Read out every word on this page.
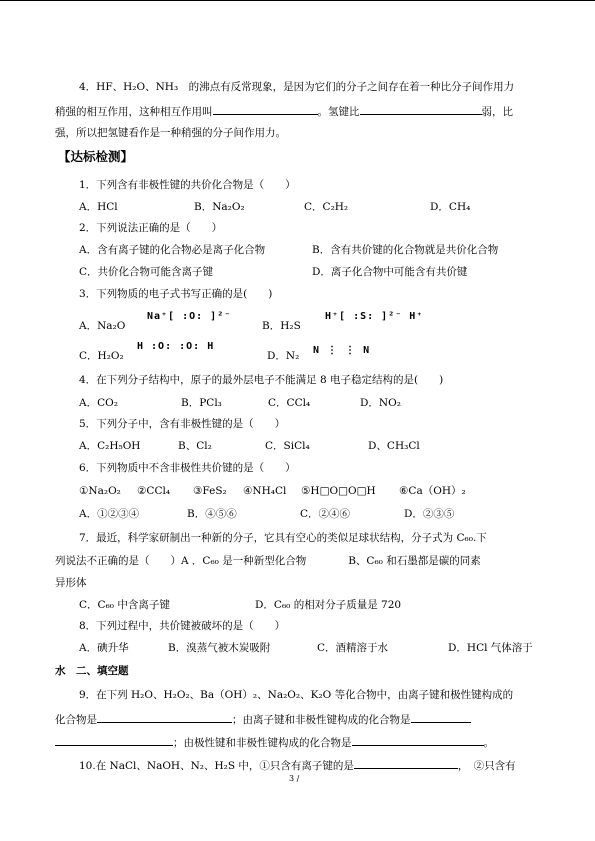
4．HF、H₂O、NH₃　的沸点有反常现象，是因为它们的分子之间存在着一种比分子间作用力
稍强的相互作用，这种相互作用叫	。氢键比	弱，比
强，所以把氢键看作是一种稍强的分子间作用力。
【达标检测】
1．下列含有非极性键的共价化合物是（　　）
A．HCl	B．Na₂O₂	C．C₂H₂	D．CH₄
2．下列说法正确的是（　　）
A．含有离子键的化合物必是离子化合物	B．含有共价键的化合物就是共价化合物
C．共价化合物可能含离子键	D．离子化合物中可能含有共价键
3．下列物质的电子式书写正确的是(　　)
A．Na₂O
Na⁺[ :O: ]²⁻
B．H₂S
H⁺[ :S: ]²⁻ H⁺
C．H₂O₂
H :O: :O: H
D．N₂ N ⋮ ⋮ N
4．在下列分子结构中，原子的最外层电子不能满足 8 电子稳定结构的是(　　)
A．CO₂	B．PCl₃	C．CCl₄	D．NO₂
5．下列分子中，含有非极性键的是（　　）
A．C₂H₅OH	B、Cl₂	C．SiCl₄	D、CH₃Cl
6．下列物质中不含非极性共价键的是（　　）
①Na₂O₂ ②CCl₄ ③FeS₂ ④NH₄Cl ⑤H□O□O□H ⑥Ca（OH）₂
A．①②③④	B．④⑤⑥	C．②④⑥	D．②③⑤
7．最近，科学家研制出一种新的分子，它具有空心的类似足球状结构，分子式为 C₆₀.下
列说法不正确的是（　　）A ．C₆₀ 是一种新型化合物　　　　B、C₆₀ 和石墨都是碳的同素
异形体
C．C₆₀ 中含离子键	D．C₆₀ 的相对分子质量是 720
8．下列过程中，共价键被破坏的是（　　）
A．碘升华	B．溴蒸气被木炭吸附	C．酒精溶于水	D．HCl 气体溶于
水　二、填空题
9．在下列 H₂O、H₂O₂、Ba（OH）₂、Na₂O₂、K₂O 等化合物中，由离子键和极性键构成的
化合物是	；由离子键和非极性键构成的化合物是
；由极性键和非极性键构成的化合物是	。
10.在 NaCl、NaOH、N₂、H₂S 中，①只含有离子键的是	，　②只含有
3 /
